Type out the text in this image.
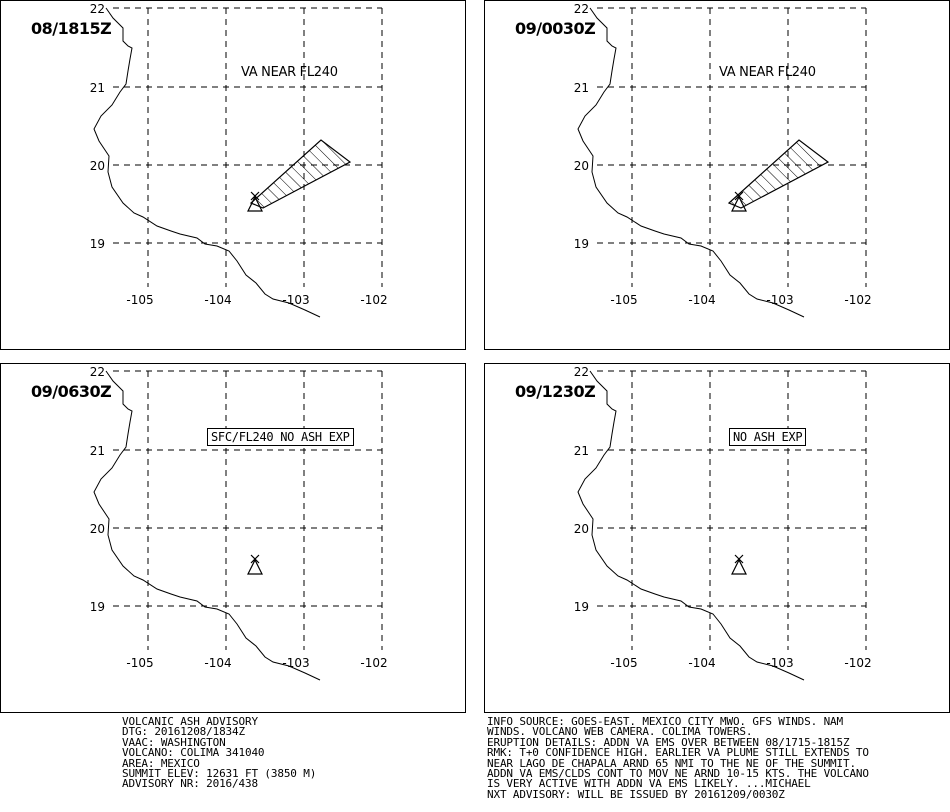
22
21
20
19
-105	-104	-103	-102
08/1815Z
VA NEAR FL240
22
21
20
19
-105	-104	-103	-102
09/0030Z
VA NEAR FL240
22
21
20
19
-105	-104	-103	-102
09/0630Z
SFC/FL240 NO ASH EXP
22
21
20
19
-105	-104	-103	-102
09/1230Z
NO ASH EXP
VOLCANIC ASH ADVISORY
DTG: 20161208/1834Z
VAAC: WASHINGTON
VOLCANO: COLIMA 341040
AREA: MEXICO
SUMMIT ELEV: 12631 FT (3850 M)
ADVISORY NR: 2016/438
INFO SOURCE: GOES-EAST. MEXICO CITY MWO. GFS WINDS. NAM
WINDS. VOLCANO WEB CAMERA. COLIMA TOWERS.
ERUPTION DETAILS: ADDN VA EMS OVER BETWEEN 08/1715-1815Z
RMK: T+0 CONFIDENCE HIGH. EARLIER VA PLUME STILL EXTENDS TO
NEAR LAGO DE CHAPALA ARND 65 NMI TO THE NE OF THE SUMMIT.
ADDN VA EMS/CLDS CONT TO MOV NE ARND 10-15 KTS. THE VOLCANO
IS VERY ACTIVE WITH ADDN VA EMS LIKELY. ...MICHAEL
NXT ADVISORY: WILL BE ISSUED BY 20161209/0030Z
